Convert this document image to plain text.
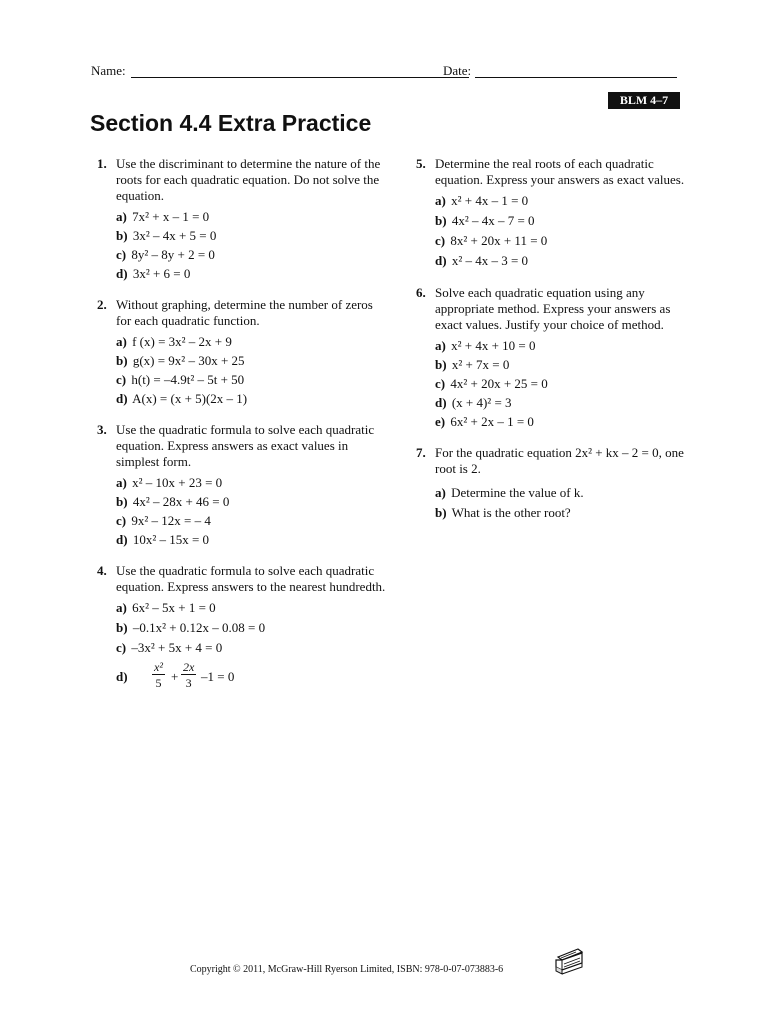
Name:	Date:
BLM 4–7
Section 4.4 Extra Practice
1. Use the discriminant to determine the nature of the roots for each quadratic equation. Do not solve the equation.
a) 7x² + x – 1 = 0
b) 3x² – 4x + 5 = 0
c) 8y² – 8y + 2 = 0
d) 3x² + 6 = 0
2. Without graphing, determine the number of zeros for each quadratic function.
a) f (x) = 3x² – 2x + 9
b) g(x) = 9x² – 30x + 25
c) h(t) = –4.9t² – 5t + 50
d) A(x) = (x + 5)(2x – 1)
3. Use the quadratic formula to solve each quadratic equation. Express answers as exact values in simplest form.
a) x² – 10x + 23 = 0
b) 4x² – 28x + 46 = 0
c) 9x² – 12x = – 4
d) 10x² – 15x = 0
4. Use the quadratic formula to solve each quadratic equation. Express answers to the nearest hundredth.
a) 6x² – 5x + 1 = 0
b) –0.1x² + 0.12x – 0.08 = 0
c) –3x² + 5x + 4 = 0
$d) \frac{\text{x²}}{5} + \frac{2x}{3} -1 = 0$
5. Determine the real roots of each quadratic equation. Express your answers as exact values.
a) x² + 4x – 1 = 0
b) 4x² – 4x – 7 = 0
c) 8x² + 20x + 11 = 0
d) x² – 4x – 3 = 0
6. Solve each quadratic equation using any appropriate method. Express your answers as exact values. Justify your choice of method.
a) x² + 4x + 10 = 0
b) x² + 7x = 0
c) 4x² + 20x + 25 = 0
d) (x + 4)² = 3
e) 6x² + 2x – 1 = 0
7. For the quadratic equation 2x² + kx – 2 = 0, one root is 2.
a) Determine the value of k.
b) What is the other root?
Copyright © 2011, McGraw-Hill Ryerson Limited, ISBN: 978-0-07-073883-6
